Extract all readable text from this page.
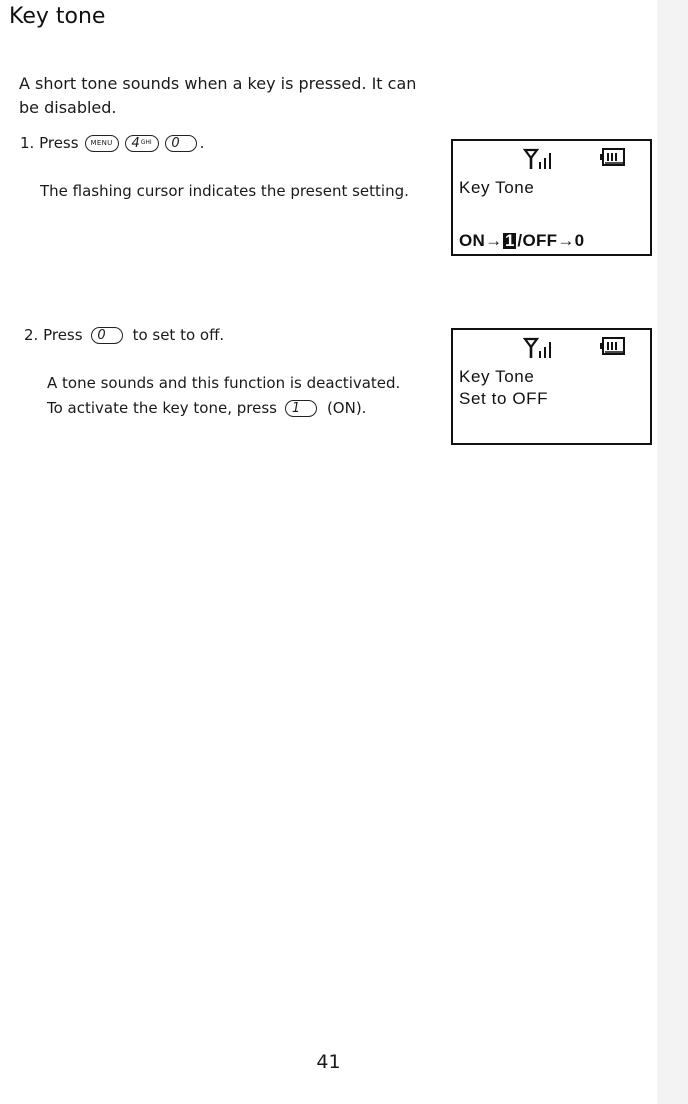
Key tone

A short tone sounds when a key is pressed. It can be disabled.

1. Press	MENU	4 GHI	0	.

The flashing cursor indicates the present setting.	Key Tone
ON→ 1 /OFF→0
2. Press	0	to set to off.

A tone sounds and this function is deactivated.

To activate the key tone, press	1	(ON).
Key Tone
Set to OFF
41
